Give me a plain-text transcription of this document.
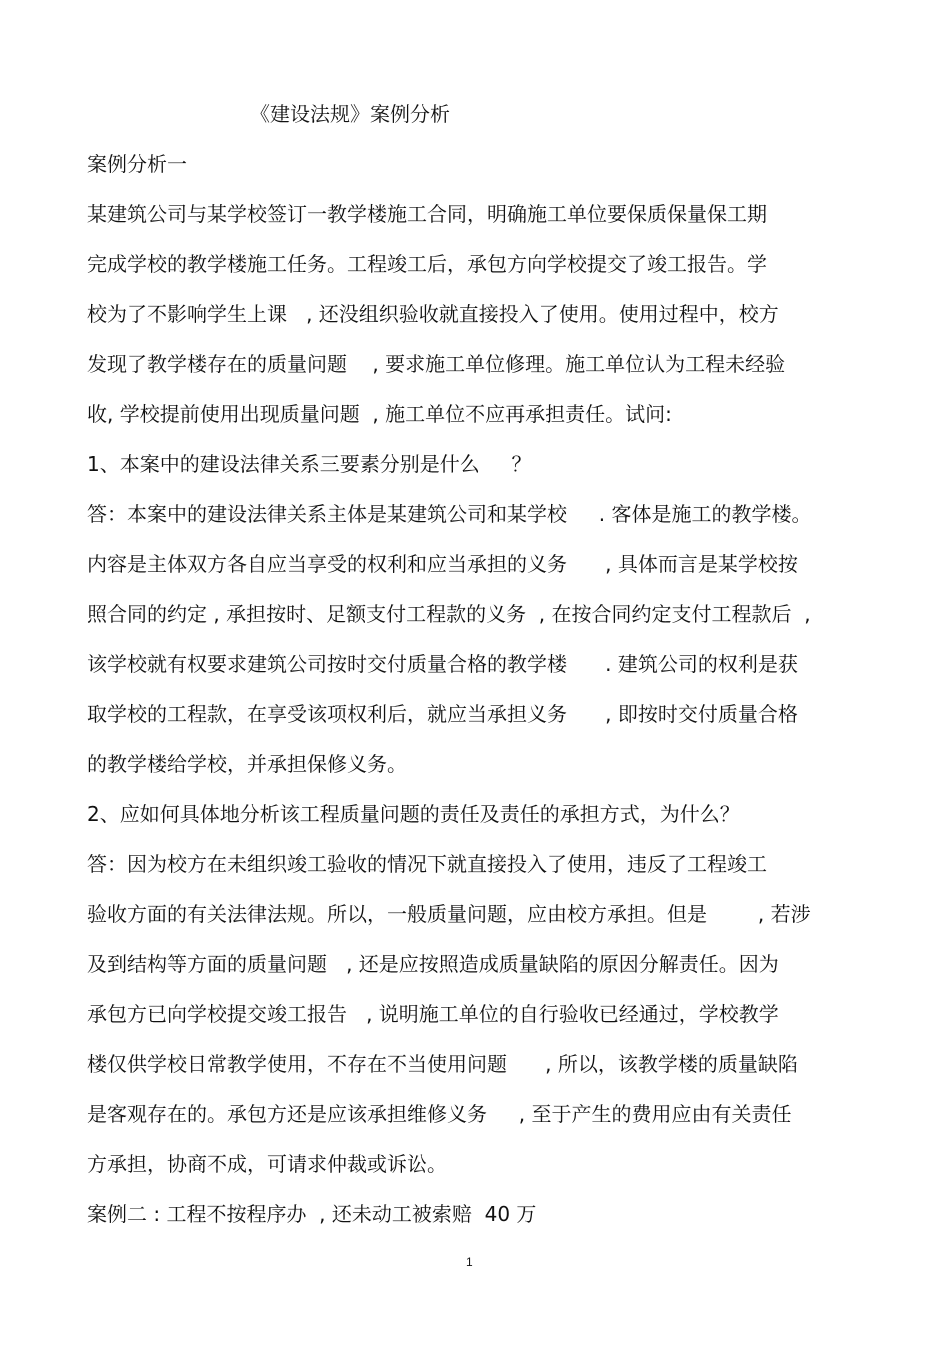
《建设法规》案例分析
案例分析一
某建筑公司与某学校签订一教学楼施工合同，明确施工单位要保质保量保工期
完成学校的教学楼施工任务。工程竣工后，承包方向学校提交了竣工报告。学
校为了不影响学生上课   , 还没组织验收就直接投入了使用。使用过程中，校方
发现了教学楼存在的质量问题    , 要求施工单位修理。施工单位认为工程未经验
收, 学校提前使用出现质量问题  , 施工单位不应再承担责任。试问:
1、本案中的建设法律关系三要素分别是什么     ？
答：本案中的建设法律关系主体是某建筑公司和某学校     . 客体是施工的教学楼。
内容是主体双方各自应当享受的权利和应当承担的义务      , 具体而言是某学校按
照合同的约定 , 承担按时、足额支付工程款的义务  , 在按合同约定支付工程款后  ,
该学校就有权要求建筑公司按时交付质量合格的教学楼      . 建筑公司的权利是获
取学校的工程款，在享受该项权利后，就应当承担义务      , 即按时交付质量合格
的教学楼给学校，并承担保修义务。
2、应如何具体地分析该工程质量问题的责任及责任的承担方式，为什么？
答：因为校方在未组织竣工验收的情况下就直接投入了使用，违反了工程竣工
验收方面的有关法律法规。所以，一般质量问题，应由校方承担。但是        , 若涉
及到结构等方面的质量问题   , 还是应按照造成质量缺陷的原因分解责任。因为
承包方已向学校提交竣工报告   , 说明施工单位的自行验收已经通过，学校教学
楼仅供学校日常教学使用，不存在不当使用问题      , 所以，该教学楼的质量缺陷
是客观存在的。承包方还是应该承担维修义务     , 至于产生的费用应由有关责任
方承担，协商不成，可请求仲裁或诉讼。
案例二 : 工程不按程序办  , 还未动工被索赔  40 万
1
